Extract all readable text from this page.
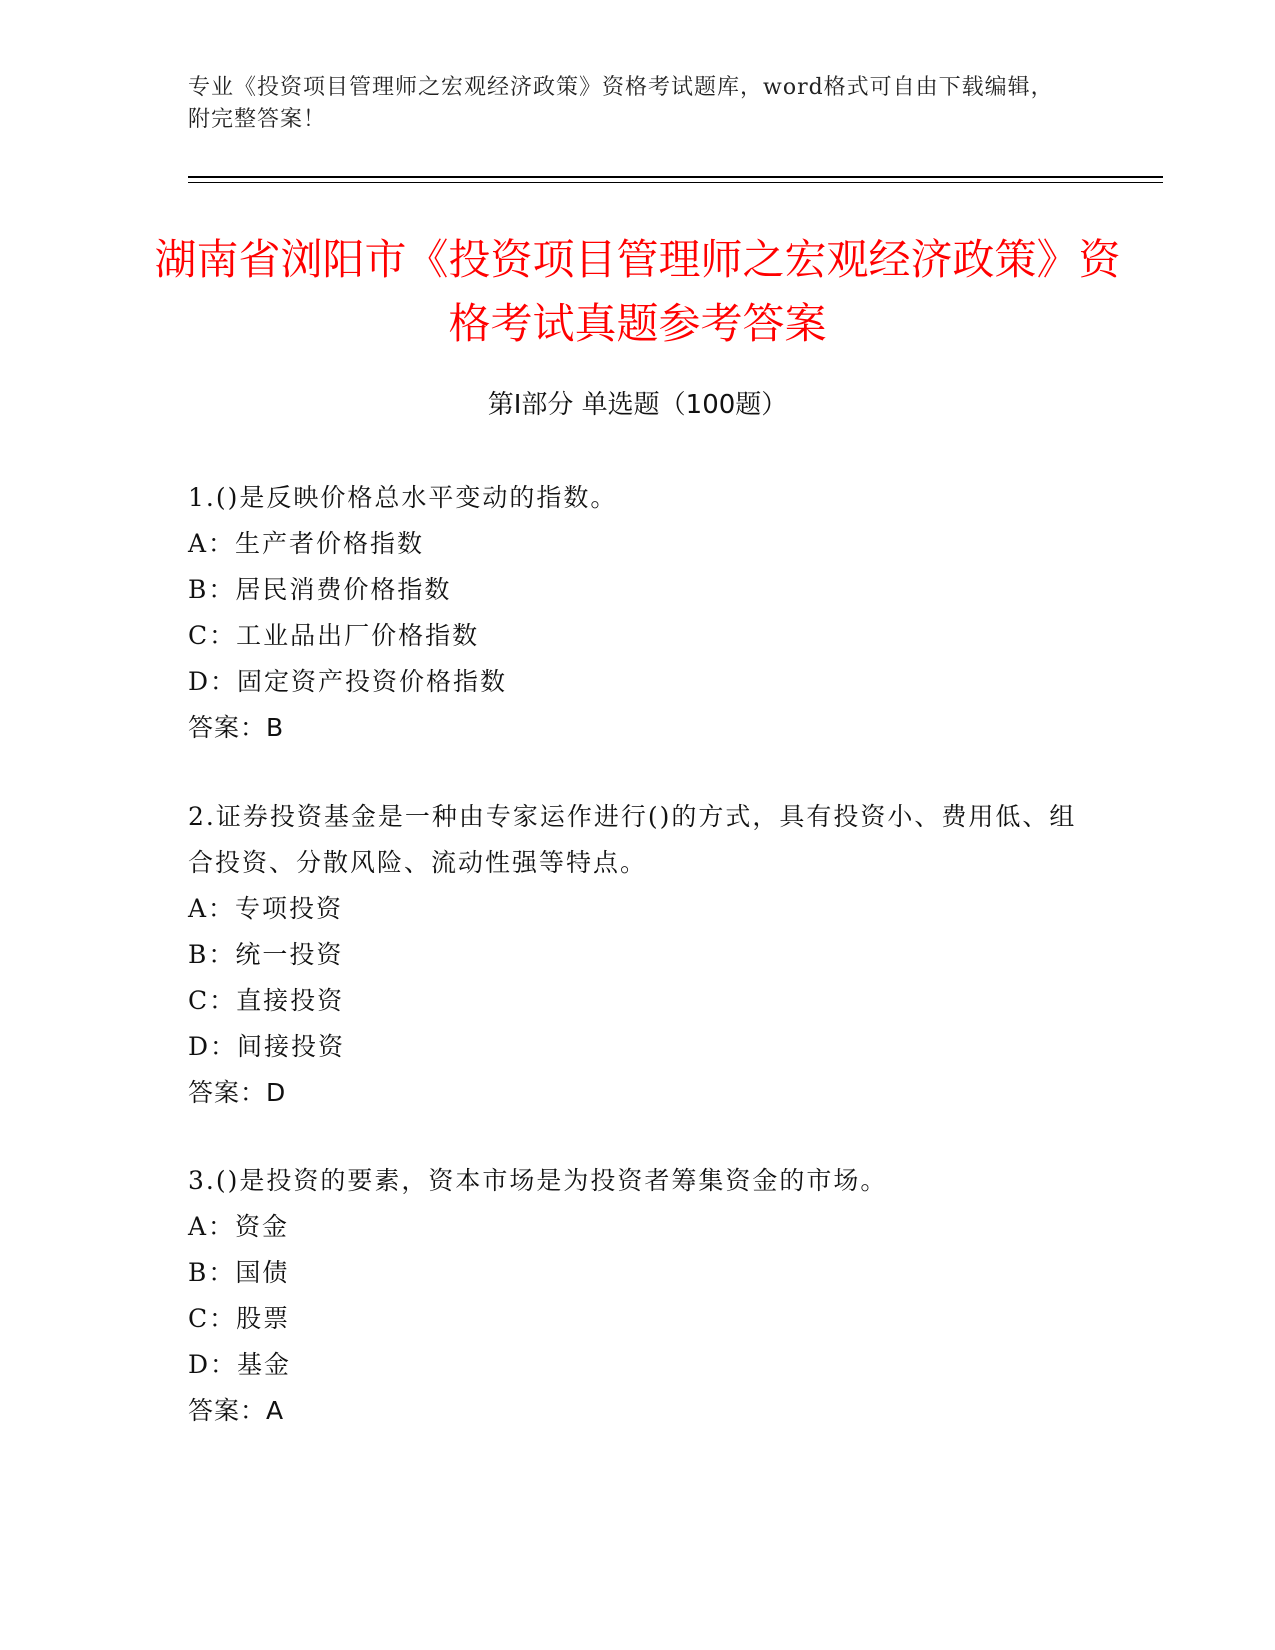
专业《投资项目管理师之宏观经济政策》资格考试题库，word格式可自由下载编辑，附完整答案！
湖南省浏阳市《投资项目管理师之宏观经济政策》资格考试真题参考答案
第Ⅰ部分 单选题（100题）

1.()是反映价格总水平变动的指数。

A：生产者价格指数

B：居民消费价格指数

C：工业品出厂价格指数

D：固定资产投资价格指数

答案：B

2.证券投资基金是一种由专家运作进行()的方式，具有投资小、费用低、组合投资、分散风险、流动性强等特点。

A：专项投资

B：统一投资

C：直接投资

D：间接投资

答案：D

3.()是投资的要素，资本市场是为投资者筹集资金的市场。

A：资金

B：国债

C：股票

D：基金

答案：A
